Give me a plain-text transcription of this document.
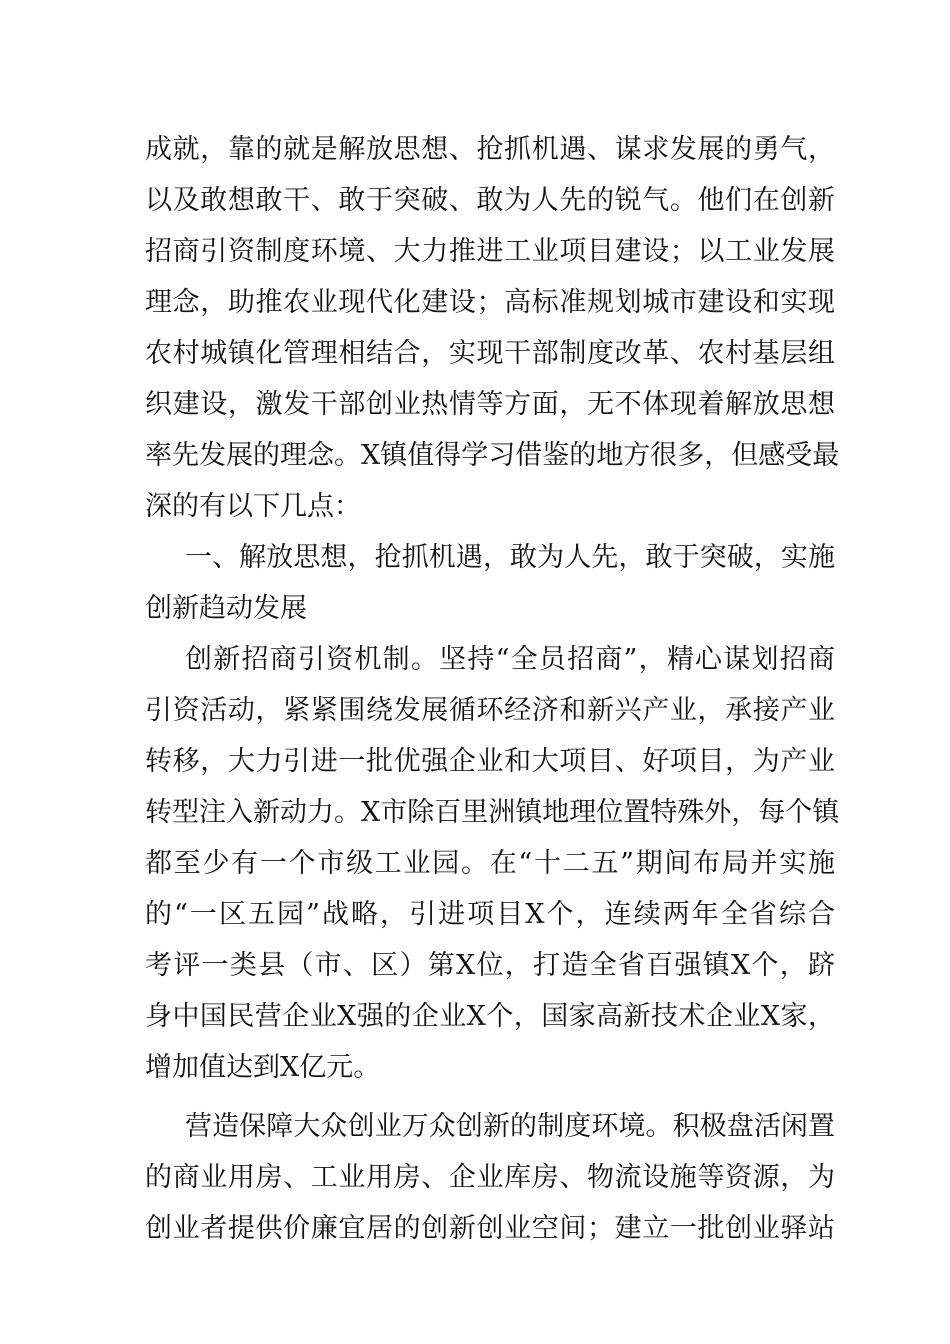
成就，靠的就是解放思想、抢抓机遇、谋求发展的勇气，
以及敢想敢干、敢于突破、敢为人先的锐气。他们在创新
招商引资制度环境、大力推进工业项目建设；以工业发展
理念，助推农业现代化建设；高标准规划城市建设和实现
农村城镇化管理相结合，实现干部制度改革、农村基层组
织建设，激发干部创业热情等方面，无不体现着解放思想
率先发展的理念。X镇值得学习借鉴的地方很多，但感受最
深的有以下几点：
一、解放思想，抢抓机遇，敢为人先，敢于突破，实施
创新趋动发展
创新招商引资机制。坚持“全员招商”，精心谋划招商
引资活动，紧紧围绕发展循环经济和新兴产业，承接产业
转移，大力引进一批优强企业和大项目、好项目，为产业
转型注入新动力。X市除百里洲镇地理位置特殊外，每个镇
都至少有一个市级工业园。在“十二五”期间布局并实施
的“一区五园”战略，引进项目X个，连续两年全省综合
考评一类县（市、区）第X位，打造全省百强镇X个，跻
身中国民营企业X强的企业X个，国家高新技术企业X家，
增加值达到X亿元。
营造保障大众创业万众创新的制度环境。积极盘活闲置
的商业用房、工业用房、企业库房、物流设施等资源，为
创业者提供价廉宜居的创新创业空间；建立一批创业驿站
